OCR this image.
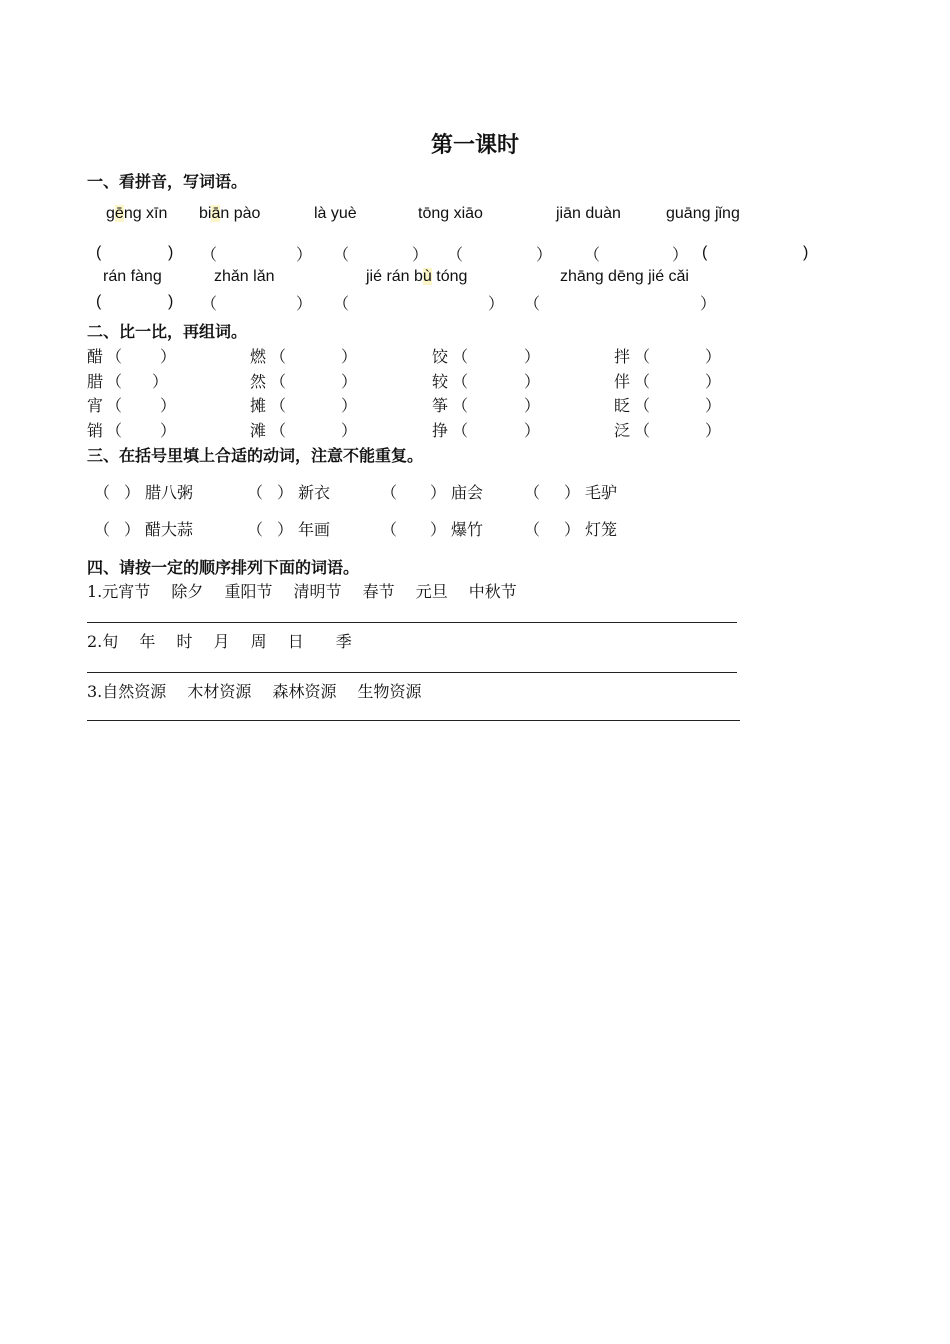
第一课时
一、看拼音，写词语。
gēng xīn biān pào	là yuè	tōng xiāo	jiān duàn	guāng jǐng
(	) （	） （	） （	） （	） (	)
rán fàng	zhǎn lǎn	jié rán bù tóng	zhāng dēng jié cǎi
(	) （	） （	） （	）
二、比一比，再组词。
醋 （ ）	燃 （	）	饺 （	）	拌 （	）
腊 （ ）	然 （	）	较 （	）	伴 （	）
宵 （ ）	摊 （	）	筝 （	）	眨 （	）
销 （ ）	滩 （	）	挣 （	）	泛 （	）
三、在括号里填上合适的动词，注意不能重复。
（ ） 腊八粥	（ ） 新衣	（ ） 庙会	（ ） 毛驴
（ ） 醋大蒜	（ ） 年画	（ ） 爆竹	（ ） 灯笼
四、请按一定的顺序排列下面的词语。
1.元宵节　 除夕　 重阳节　 清明节　 春节　 元旦　 中秋节
2.旬　 年　 时　 月　 周　 日　　季
3.自然资源　 木材资源　 森林资源　 生物资源
